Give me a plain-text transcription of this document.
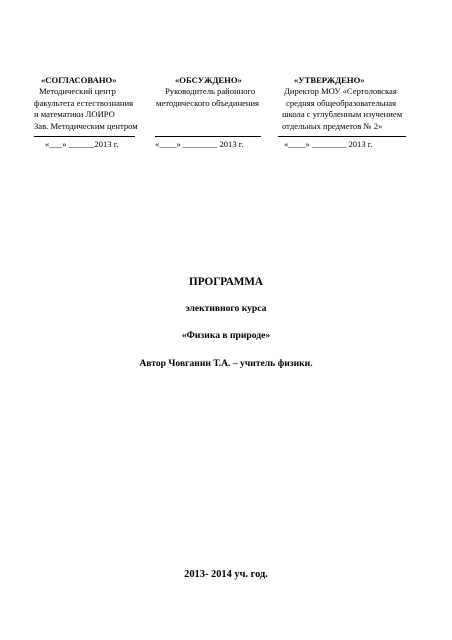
«СОГЛАСОВАНО»
Методический центр
факультета естествознания
и математики ЛОИРО
Зав. Методическим центром
«___» ______2013 г.
«ОБСУЖДЕНО»
Руководитель районного
методического объединения
«____» ________ 2013 г.
«УТВЕРЖДЕНО»
Директор МОУ «Сертоловская
средняя общеобразовательная
школа с углубленным изучением
отдельных предметов № 2»
«____» ________ 2013 г.
ПРОГРАММА
элективного курса
«Физика в природе»
Автор Човганин Т.А. – учитель физики.
2013- 2014 уч. год.
